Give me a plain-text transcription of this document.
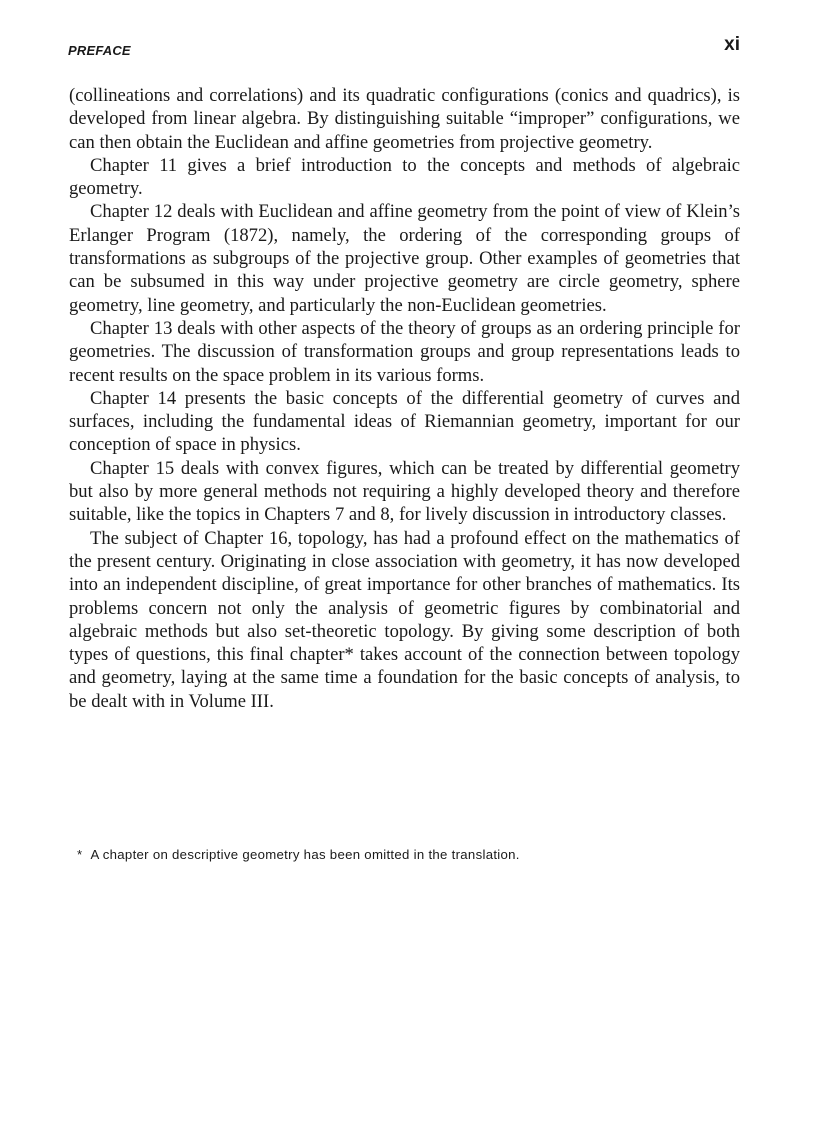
PREFACE	xi

(collineations and correlations) and its quadratic configurations (conics and quadrics), is developed from linear algebra. By distinguishing suitable “improper” configurations, we can then obtain the Euclidean and affine geometries from projective geometry.

Chapter 11 gives a brief introduction to the concepts and methods of algebraic geometry.

Chapter 12 deals with Euclidean and affine geometry from the point of view of Klein’s Erlanger Program (1872), namely, the ordering of the corresponding groups of transformations as subgroups of the projective group. Other examples of geometries that can be subsumed in this way under projective geometry are circle geometry, sphere geometry, line geometry, and particularly the non-Euclidean geometries.

Chapter 13 deals with other aspects of the theory of groups as an ordering principle for geometries. The discussion of transformation groups and group representations leads to recent results on the space problem in its various forms.

Chapter 14 presents the basic concepts of the differential geometry of curves and surfaces, including the fundamental ideas of Riemannian geometry, important for our conception of space in physics.

Chapter 15 deals with convex figures, which can be treated by differential geometry but also by more general methods not requiring a highly developed theory and therefore suitable, like the topics in Chapters 7 and 8, for lively discussion in introductory classes.

The subject of Chapter 16, topology, has had a profound effect on the mathematics of the present century. Originating in close association with geometry, it has now developed into an independent discipline, of great importance for other branches of mathematics. Its problems concern not only the analysis of geometric figures by combinatorial and algebraic methods but also set-theoretic topology. By giving some description of both types of questions, this final chapter* takes account of the connection between topology and geometry, laying at the same time a foundation for the basic concepts of analysis, to be dealt with in Volume III.

* A chapter on descriptive geometry has been omitted in the translation.
